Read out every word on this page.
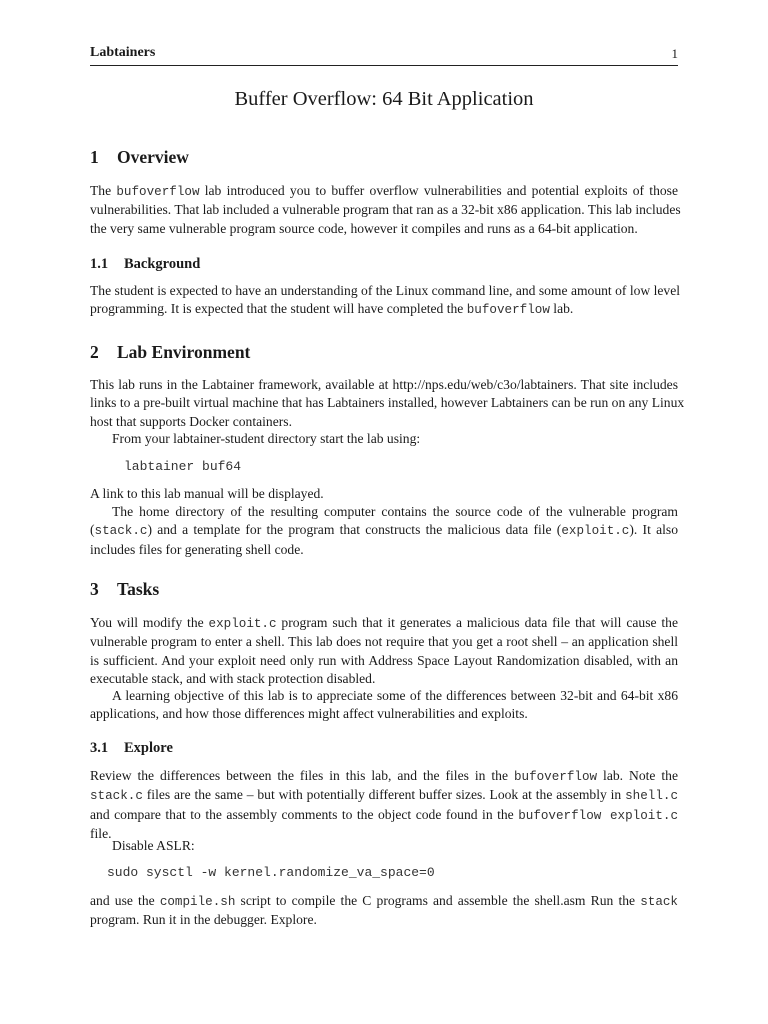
Labtainers	1
Buffer Overflow: 64 Bit Application
1 Overview
The bufoverflow lab introduced you to buffer overflow vulnerabilities and potential exploits of those
vulnerabilities. That lab included a vulnerable program that ran as a 32-bit x86 application. This lab includes
the very same vulnerable program source code, however it compiles and runs as a 64-bit application.
1.1 Background
The student is expected to have an understanding of the Linux command line, and some amount of low level
programming. It is expected that the student will have completed the bufoverflow lab.
2 Lab Environment
This lab runs in the Labtainer framework, available at http://nps.edu/web/c3o/labtainers. That site includes
links to a pre-built virtual machine that has Labtainers installed, however Labtainers can be run on any Linux
host that supports Docker containers.
From your labtainer-student directory start the lab using:
labtainer buf64
A link to this lab manual will be displayed.
The home directory of the resulting computer contains the source code of the vulnerable program
(stack.c) and a template for the program that constructs the malicious data file (exploit.c). It also
includes files for generating shell code.
3 Tasks
You will modify the exploit.c program such that it generates a malicious data file that will cause the
vulnerable program to enter a shell. This lab does not require that you get a root shell – an application shell
is sufficient. And your exploit need only run with Address Space Layout Randomization disabled, with an
executable stack, and with stack protection disabled.
A learning objective of this lab is to appreciate some of the differences between 32-bit and 64-bit x86
applications, and how those differences might affect vulnerabilities and exploits.
3.1 Explore
Review the differences between the files in this lab, and the files in the bufoverflow lab. Note the
stack.c files are the same – but with potentially different buffer sizes. Look at the assembly in shell.c
and compare that to the assembly comments to the object code found in the bufoverflow exploit.c
file.
Disable ASLR:
sudo sysctl -w kernel.randomize_va_space=0
and use the compile.sh script to compile the C programs and assemble the shell.asm Run the stack
program. Run it in the debugger. Explore.
